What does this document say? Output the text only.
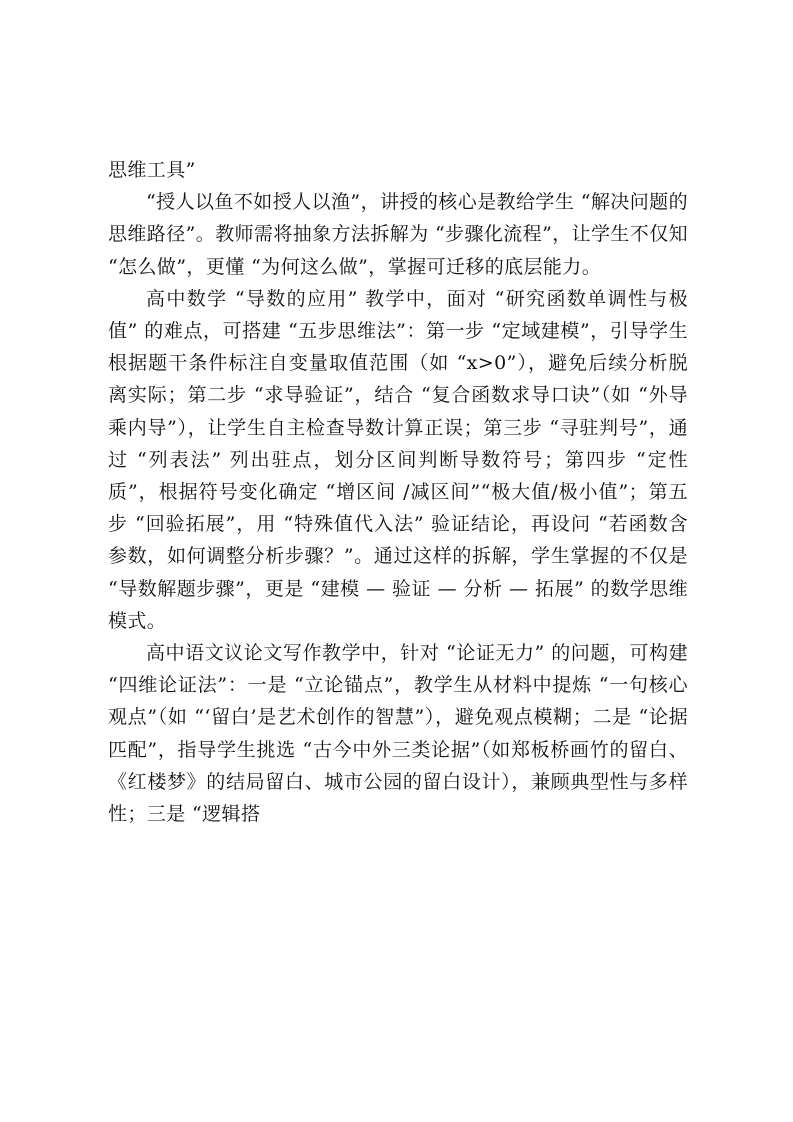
思维工具”

“授人以鱼不如授人以渔”，讲授的核心是教给学生 “解决问题的思维路径”。教师需将抽象方法拆解为 “步骤化流程”，让学生不仅知 “怎么做”，更懂 “为何这么做”，掌握可迁移的底层能力。

高中数学 “导数的应用” 教学中，面对 “研究函数单调性与极值” 的难点，可搭建 “五步思维法”：第一步 “定域建模”，引导学生根据题干条件标注自变量取值范围（如 “x>0”），避免后续分析脱离实际；第二步 “求导验证”，结合 “复合函数求导口诀”（如 “外导乘内导”），让学生自主检查导数计算正误；第三步 “寻驻判号”，通过 “列表法” 列出驻点，划分区间判断导数符号；第四步 “定性质”，根据符号变化确定 “增区间 /减区间”“极大值/极小值”；第五步 “回验拓展”，用 “特殊值代入法” 验证结论，再设问 “若函数含参数，如何调整分析步骤？”。通过这样的拆解，学生掌握的不仅是 “导数解题步骤”，更是 “建模 — 验证 — 分析 — 拓展” 的数学思维模式。

高中语文议论文写作教学中，针对 “论证无力” 的问题，可构建 “四维论证法”：一是 “立论锚点”，教学生从材料中提炼 “一句核心观点”（如 “‘留白’是艺术创作的智慧”），避免观点模糊；二是 “论据匹配”，指导学生挑选 “古今中外三类论据”（如郑板桥画竹的留白、《红楼梦》的结局留白、城市公园的留白设计），兼顾典型性与多样性；三是 “逻辑搭
